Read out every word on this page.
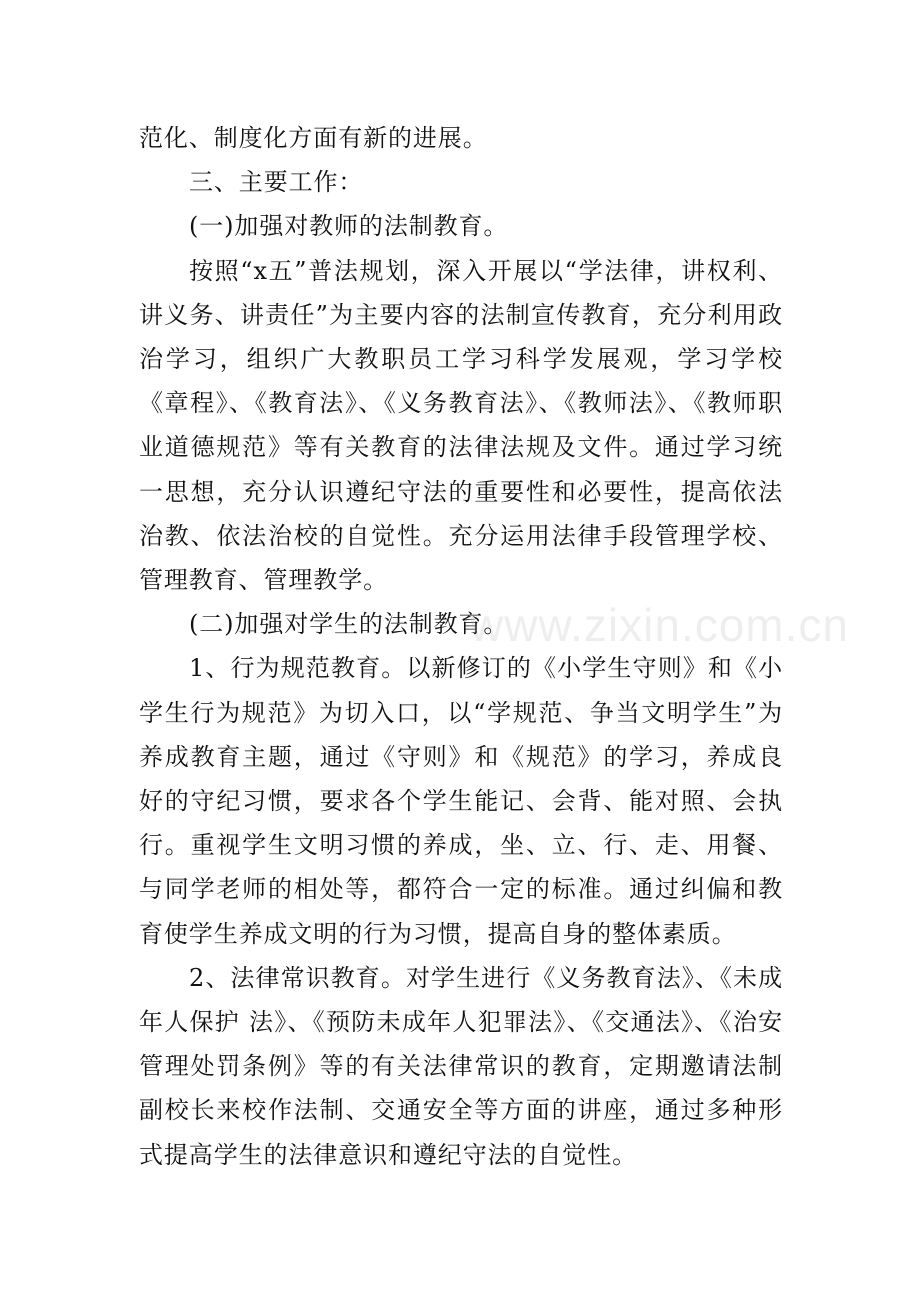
范化、制度化方面有新的进展。

三、主要工作：

(一)加强对教师的法制教育。

按照“x五”普法规划，深入开展以“学法律，讲权利、讲义务、讲责任”为主要内容的法制宣传教育，充分利用政治学习，组织广大教职员工学习科学发展观，学习学校《章程》、《教育法》、《义务教育法》、《教师法》、《教师职业道德规范》等有关教育的法律法规及文件。通过学习统一思想，充分认识遵纪守法的重要性和必要性，提高依法治教、依法治校的自觉性。充分运用法律手段管理学校、管理教育、管理教学。

(二)加强对学生的法制教育。

1、行为规范教育。以新修订的《小学生守则》和《小学生行为规范》为切入口，以“学规范、争当文明学生”为养成教育主题，通过《守则》和《规范》的学习，养成良好的守纪习惯，要求各个学生能记、会背、能对照、会执行。重视学生文明习惯的养成，坐、立、行、走、用餐、与同学老师的相处等，都符合一定的标准。通过纠偏和教育使学生养成文明的行为习惯，提高自身的整体素质。

2、法律常识教育。对学生进行《义务教育法》、《未成年人保护 法》、《预防未成年人犯罪法》、《交通法》、《治安管理处罚条例》等的有关法律常识的教育，定期邀请法制副校长来校作法制、交通安全等方面的讲座，通过多种形式提高学生的法律意识和遵纪守法的自觉性。

www.zixin.com.cn
